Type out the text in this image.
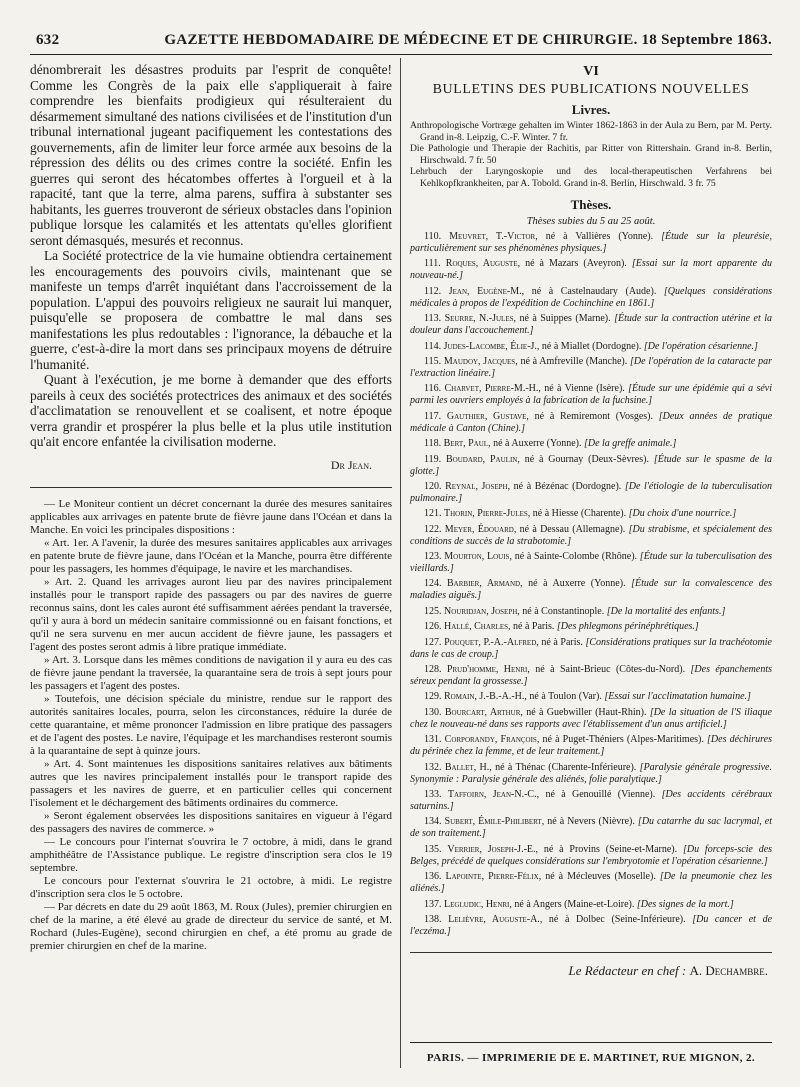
632	GAZETTE HEBDOMADAIRE DE MÉDECINE ET DE CHIRURGIE. 18 Septembre 1863.

dénombrerait les désastres produits par l'esprit de conquête! Comme les Congrès de la paix elle s'appliquerait à faire comprendre les bienfaits prodigieux qui résulteraient du désarmement simultané des nations civilisées et de l'institution d'un tribunal international jugeant pacifiquement les contestations des gouvernements, afin de limiter leur force armée aux besoins de la répression des délits ou des crimes contre la société. Enfin les guerres qui seront des hécatombes offertes à l'orgueil et à la rapacité, tant que la terre, alma parens, suffira à substanter ses habitants, les guerres trouveront de sérieux obstacles dans l'opinion publique lorsque les calamités et les attentats qu'elles glorifient seront démasqués, mesurés et reconnus.

La Société protectrice de la vie humaine obtiendra certainement les encouragements des pouvoirs civils, maintenant que se manifeste un temps d'arrêt inquiétant dans l'accroissement de la population. L'appui des pouvoirs religieux ne saurait lui manquer, puisqu'elle se proposera de combattre le mal dans ses manifestations les plus redoutables : l'ignorance, la débauche et la guerre, c'est-à-dire la mort dans ses principaux moyens de détruire l'humanité.

Quant à l'exécution, je me borne à demander que des efforts pareils à ceux des sociétés protectrices des animaux et des sociétés d'acclimatation se renouvellent et se coalisent, et notre époque verra grandir et prospérer la plus belle et la plus utile institution qu'ait encore enfantée la civilisation moderne.

Dr Jean.

— Le Moniteur contient un décret concernant la durée des mesures sanitaires applicables aux arrivages en patente brute de fièvre jaune dans l'Océan et dans la Manche. En voici les principales dispositions :

« Art. 1er. A l'avenir, la durée des mesures sanitaires applicables aux arrivages en patente brute de fièvre jaune, dans l'Océan et la Manche, pourra être différente pour les passagers, les hommes d'équipage, le navire et les marchandises.

» Art. 2. Quand les arrivages auront lieu par des navires principalement installés pour le transport rapide des passagers ou par des navires de guerre reconnus sains, dont les cales auront été suffisamment aérées pendant la traversée, qu'il y aura à bord un médecin sanitaire commissionné ou en faisant fonctions, et qu'il ne sera survenu en mer aucun accident de fièvre jaune, les passagers et l'agent des postes seront admis à libre pratique immédiate.

» Art. 3. Lorsque dans les mêmes conditions de navigation il y aura eu des cas de fièvre jaune pendant la traversée, la quarantaine sera de trois à sept jours pour les passagers et l'agent des postes.

» Toutefois, une décision spéciale du ministre, rendue sur le rapport des autorités sanitaires locales, pourra, selon les circonstances, réduire la durée de cette quarantaine, et même prononcer l'admission en libre pratique des passagers et de l'agent des postes. Le navire, l'équipage et les marchandises resteront soumis à la quarantaine de sept à quinze jours.

» Art. 4. Sont maintenues les dispositions sanitaires relatives aux bâtiments autres que les navires principalement installés pour le transport rapide des passagers et les navires de guerre, et en particulier celles qui concernent l'isolement et le déchargement des bâtiments ordinaires du commerce.

» Seront également observées les dispositions sanitaires en vigueur à l'égard des passagers des navires de commerce. »

— Le concours pour l'internat s'ouvrira le 7 octobre, à midi, dans le grand amphithéâtre de l'Assistance publique. Le registre d'inscription sera clos le 19 septembre.

Le concours pour l'externat s'ouvrira le 21 octobre, à midi. Le registre d'inscription sera clos le 5 octobre.

— Par décrets en date du 29 août 1863, M. Roux (Jules), premier chirurgien en chef de la marine, a été élevé au grade de directeur du service de santé, et M. Rochard (Jules-Eugène), second chirurgien en chef, a été promu au grade de premier chirurgien en chef de la marine.

VI
BULLETINS DES PUBLICATIONS NOUVELLES
Livres.

Anthropologische Vortræge gehalten im Winter 1862-1863 in der Aula zu Bern, par M. Perty. Grand in-8. Leipzig, C.-F. Winter. 7 fr.

Die Pathologie und Therapie der Rachitis, par Ritter von Rittershain. Grand in-8. Berlin, Hirschwald. 7 fr. 50

Lehrbuch der Laryngoskopie und des local-therapeutischen Verfahrens bei Kehlkopfkrankheiten, par A. Tobold. Grand in-8. Berlin, Hirschwald. 3 fr. 75

Thèses.
Thèses subies du 5 au 25 août.

110. Meuvret, T.-Victor, né à Vallières (Yonne). [Étude sur la pleurésie, particulièrement sur ses phénomènes physiques.]

111. Roques, Auguste, né à Mazars (Aveyron). [Essai sur la mort apparente du nouveau-né.]

112. Jean, Eugène-M., né à Castelnaudary (Aude). [Quelques considérations médicales à propos de l'expédition de Cochinchine en 1861.]

113. Seurre, N.-Jules, né à Suippes (Marne). [Étude sur la contraction utérine et la douleur dans l'accouchement.]

114. Judes-Lacombe, Élie-J., né à Miallet (Dordogne). [De l'opération césarienne.]

115. Maudoy, Jacques, né à Amfreville (Manche). [De l'opération de la cataracte par l'extraction linéaire.]

116. Charvet, Pierre-M.-H., né à Vienne (Isère). [Étude sur une épidémie qui a sévi parmi les ouvriers employés à la fabrication de la fuchsine.]

117. Gauthier, Gustave, né à Remiremont (Vosges). [Deux années de pratique médicale à Canton (Chine).]

118. Bert, Paul, né à Auxerre (Yonne). [De la greffe animale.]

119. Boudard, Paulin, né à Gournay (Deux-Sèvres). [Étude sur le spasme de la glotte.]

120. Reynal, Joseph, né à Bézénac (Dordogne). [De l'étiologie de la tuberculisation pulmonaire.]

121. Thorin, Pierre-Jules, né à Hiesse (Charente). [Du choix d'une nourrice.]

122. Meyer, Édouard, né à Dessau (Allemagne). [Du strabisme, et spécialement des conditions de succès de la strabotomie.]

123. Mourton, Louis, né à Sainte-Colombe (Rhône). [Étude sur la tuberculisation des vieillards.]

124. Barbier, Armand, né à Auxerre (Yonne). [Étude sur la convalescence des maladies aiguës.]

125. Nouridjan, Joseph, né à Constantinople. [De la mortalité des enfants.]

126. Hallé, Charles, né à Paris. [Des phlegmons périnéphrétiques.]

127. Pouquet, P.-A.-Alfred, né à Paris. [Considérations pratiques sur la trachéotomie dans le cas de croup.]

128. Prud'homme, Henri, né à Saint-Brieuc (Côtes-du-Nord). [Des épanchements séreux pendant la grossesse.]

129. Romain, J.-B.-A.-H., né à Toulon (Var). [Essai sur l'acclimatation humaine.]

130. Bourcart, Arthur, né à Guebwiller (Haut-Rhin). [De la situation de l'S iliaque chez le nouveau-né dans ses rapports avec l'établissement d'un anus artificiel.]

131. Corporandy, François, né à Puget-Théniers (Alpes-Maritimes). [Des déchirures du périnée chez la femme, et de leur traitement.]

132. Ballet, H., né à Thénac (Charente-Inférieure). [Paralysie générale progressive. Synonymie : Paralysie générale des aliénés, folie paralytique.]

133. Taffoirn, Jean-N.-C., né à Genouillé (Vienne). [Des accidents cérébraux saturnins.]

134. Subert, Émile-Philibert, né à Nevers (Nièvre). [Du catarrhe du sac lacrymal, et de son traitement.]

135. Verrier, Joseph-J.-E., né à Provins (Seine-et-Marne). [Du forceps-scie des Belges, précédé de quelques considérations sur l'embryotomie et l'opération césarienne.]

136. Lapointe, Pierre-Félix, né à Mécleuves (Moselle). [De la pneumonie chez les aliénés.]

137. Legludic, Henri, né à Angers (Maine-et-Loire). [Des signes de la mort.]

138. Lelièvre, Auguste-A., né à Dolbec (Seine-Inférieure). [Du cancer et de l'eczéma.]

Le Rédacteur en chef : A. Dechambre.
PARIS. — IMPRIMERIE DE E. MARTINET, RUE MIGNON, 2.
